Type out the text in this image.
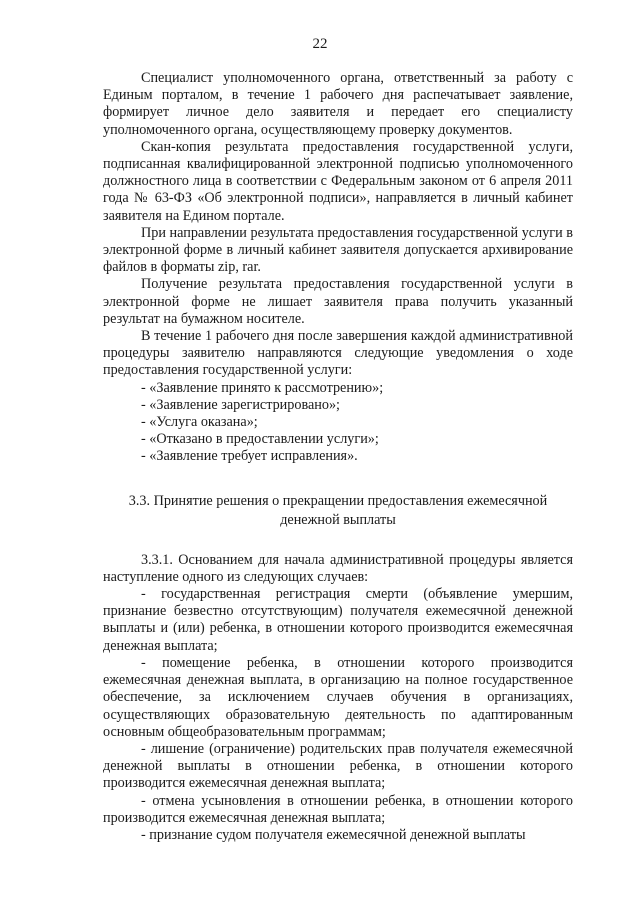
22

Специалист уполномоченного органа, ответственный за работу с Единым порталом, в течение 1 рабочего дня распечатывает заявление, формирует личное дело заявителя и передает его специалисту уполномоченного органа, осуществляющему проверку документов.

Скан-копия результата предоставления государственной услуги, подписанная квалифицированной электронной подписью уполномоченного должностного лица в соответствии с Федеральным законом от 6 апреля 2011 года № 63-ФЗ «Об электронной подписи», направляется в личный кабинет заявителя на Едином портале.

При направлении результата предоставления государственной услуги в электронной форме в личный кабинет заявителя допускается архивирование файлов в форматы zip, rar.

Получение результата предоставления государственной услуги в электронной форме не лишает заявителя права получить указанный результат на бумажном носителе.

В течение 1 рабочего дня после завершения каждой административной процедуры заявителю направляются следующие уведомления о ходе предоставления государственной услуги:

- «Заявление принято к рассмотрению»;
- «Заявление зарегистрировано»;
- «Услуга оказана»;
- «Отказано в предоставлении услуги»;
- «Заявление требует исправления».
3.3. Принятие решения о прекращении предоставления ежемесячной денежной выплаты

3.3.1. Основанием для начала административной процедуры является наступление одного из следующих случаев:

- государственная регистрация смерти (объявление умершим, признание безвестно отсутствующим) получателя ежемесячной денежной выплаты и (или) ребенка, в отношении которого производится ежемесячная денежная выплата;

- помещение ребенка, в отношении которого производится ежемесячная денежная выплата, в организацию на полное государственное обеспечение, за исключением случаев обучения в организациях, осуществляющих образовательную деятельность по адаптированным основным общеобразовательным программам;

- лишение (ограничение) родительских прав получателя ежемесячной денежной выплаты в отношении ребенка, в отношении которого производится ежемесячная денежная выплата;

- отмена усыновления в отношении ребенка, в отношении которого производится ежемесячная денежная выплата;

- признание судом получателя ежемесячной денежной выплаты
